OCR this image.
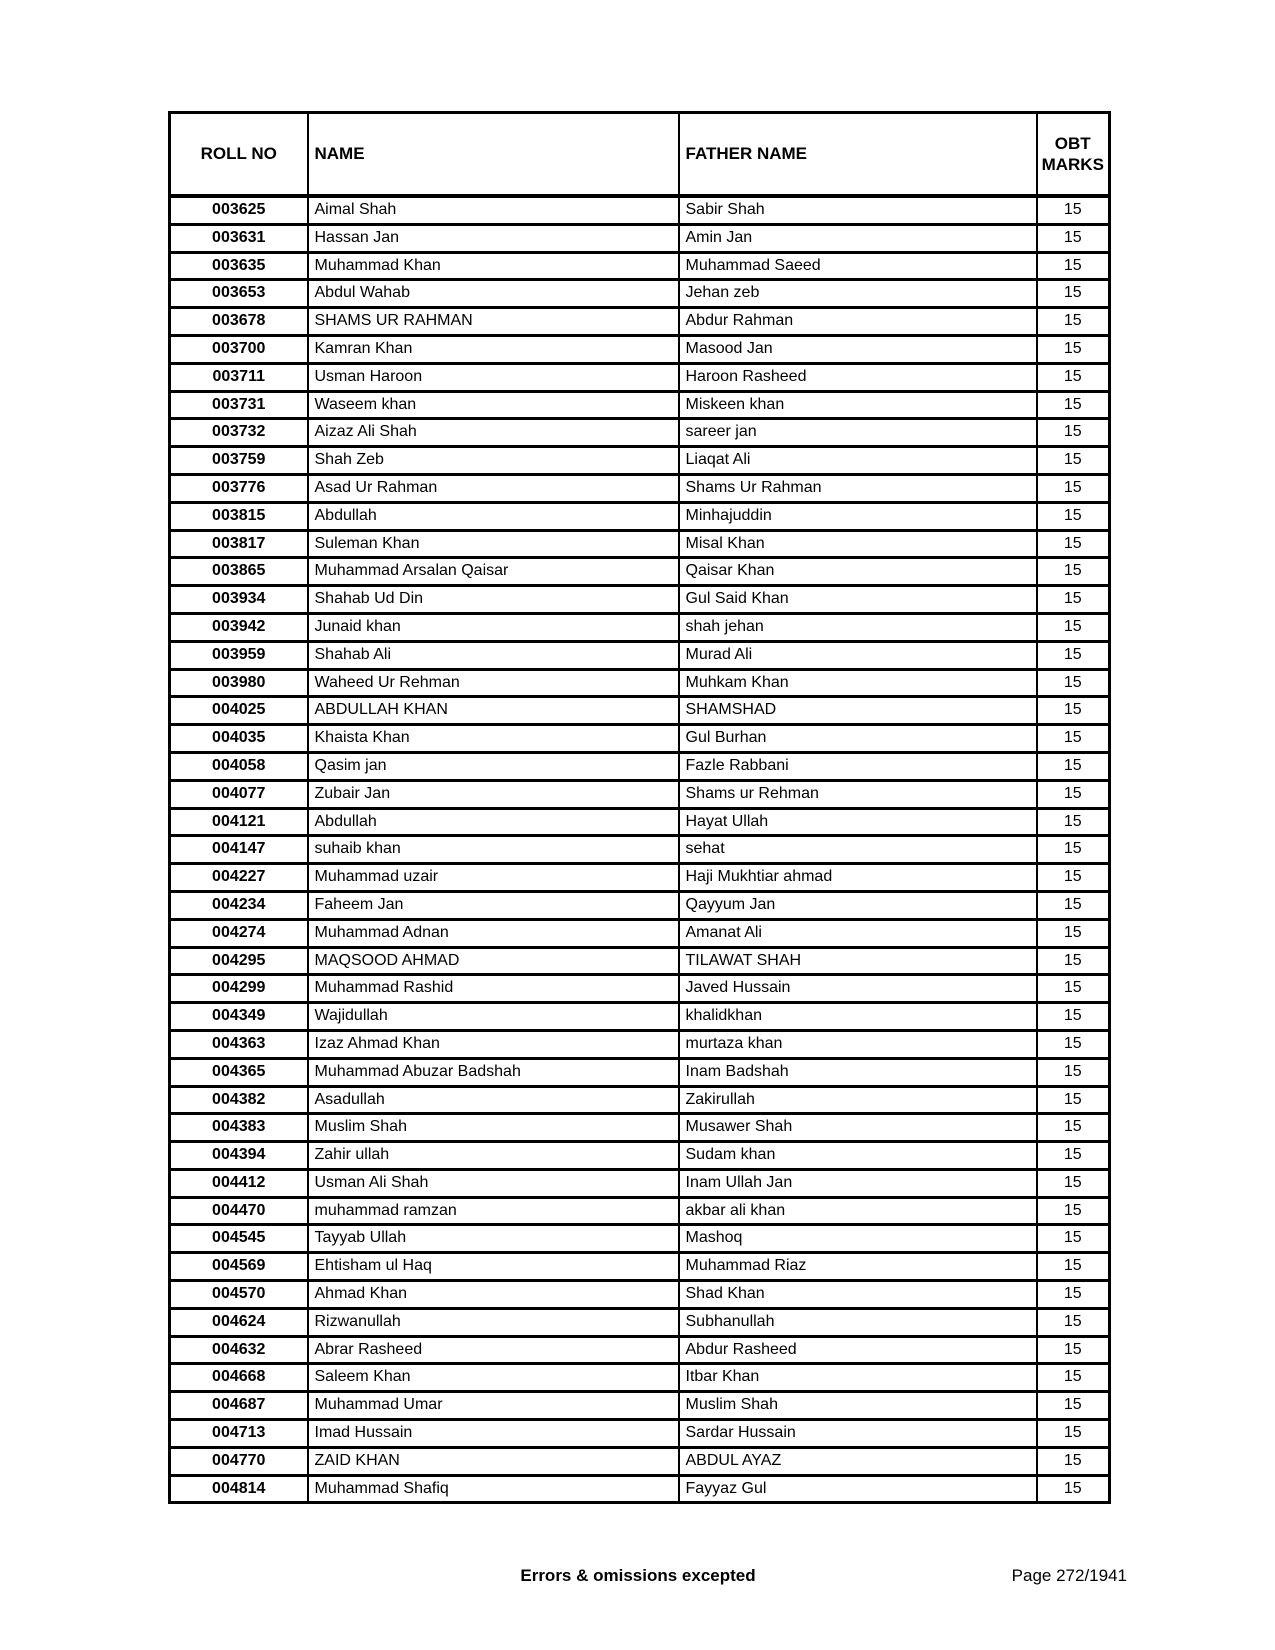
ROLL NO	NAME	FATHER NAME	OBT MARKS
003625	Aimal Shah	Sabir Shah	15
003631	Hassan Jan	Amin Jan	15
003635	Muhammad Khan	Muhammad Saeed	15
003653	Abdul Wahab	Jehan zeb	15
003678	SHAMS UR RAHMAN	Abdur Rahman	15
003700	Kamran Khan	Masood Jan	15
003711	Usman Haroon	Haroon Rasheed	15
003731	Waseem khan	Miskeen khan	15
003732	Aizaz Ali Shah	sareer jan	15
003759	Shah Zeb	Liaqat Ali	15
003776	Asad Ur Rahman	Shams Ur Rahman	15
003815	Abdullah	Minhajuddin	15
003817	Suleman Khan	Misal Khan	15
003865	Muhammad Arsalan Qaisar	Qaisar Khan	15
003934	Shahab Ud Din	Gul Said Khan	15
003942	Junaid khan	shah jehan	15
003959	Shahab Ali	Murad Ali	15
003980	Waheed Ur Rehman	Muhkam Khan	15
004025	ABDULLAH KHAN	SHAMSHAD	15
004035	Khaista Khan	Gul Burhan	15
004058	Qasim jan	Fazle Rabbani	15
004077	Zubair Jan	Shams ur Rehman	15
004121	Abdullah	Hayat Ullah	15
004147	suhaib khan	sehat	15
004227	Muhammad uzair	Haji Mukhtiar ahmad	15
004234	Faheem Jan	Qayyum Jan	15
004274	Muhammad Adnan	Amanat Ali	15
004295	MAQSOOD AHMAD	TILAWAT SHAH	15
004299	Muhammad Rashid	Javed Hussain	15
004349	Wajidullah	khalidkhan	15
004363	Izaz Ahmad Khan	murtaza khan	15
004365	Muhammad Abuzar Badshah	Inam Badshah	15
004382	Asadullah	Zakirullah	15
004383	Muslim Shah	Musawer Shah	15
004394	Zahir ullah	Sudam khan	15
004412	Usman Ali Shah	Inam Ullah Jan	15
004470	muhammad ramzan	akbar ali khan	15
004545	Tayyab Ullah	Mashoq	15
004569	Ehtisham ul Haq	Muhammad Riaz	15
004570	Ahmad Khan	Shad Khan	15
004624	Rizwanullah	Subhanullah	15
004632	Abrar Rasheed	Abdur Rasheed	15
004668	Saleem Khan	Itbar Khan	15
004687	Muhammad Umar	Muslim Shah	15
004713	Imad Hussain	Sardar Hussain	15
004770	ZAID KHAN	ABDUL AYAZ	15
004814	Muhammad Shafiq	Fayyaz Gul	15
Errors & omissions excepted	Page 272/1941
